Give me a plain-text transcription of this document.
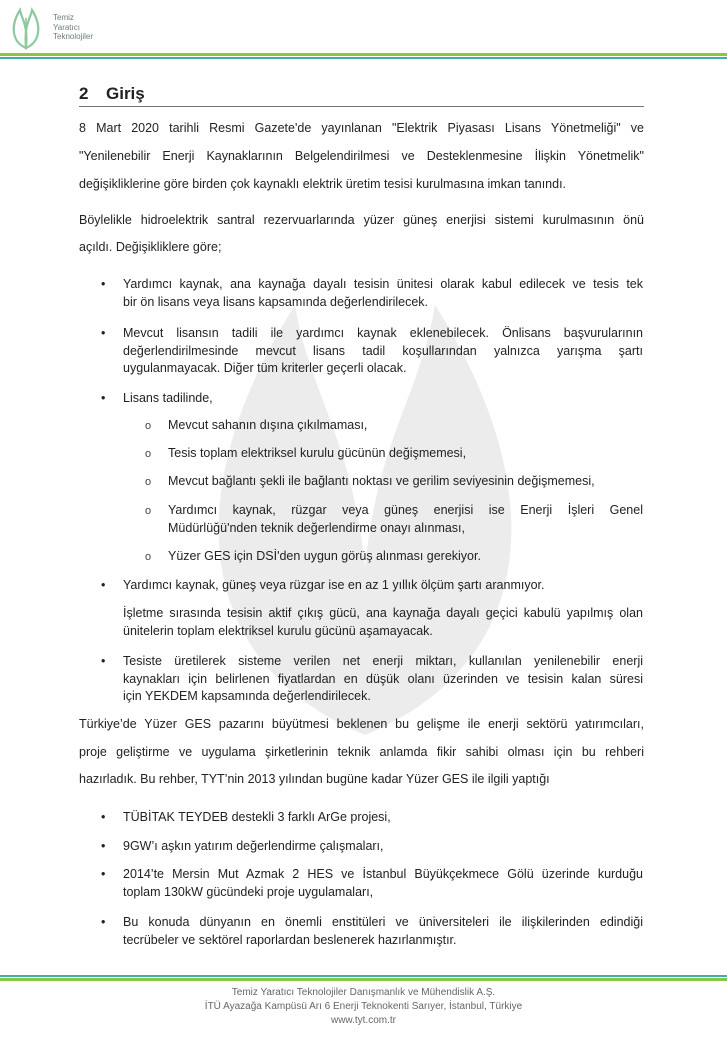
Temiz
Yaratıcı
Teknolojiler
2 Giriş
8 Mart 2020 tarihli Resmi Gazete'de yayınlanan "Elektrik Piyasası Lisans Yönetmeliği" ve
"Yenilenebilir Enerji Kaynaklarının Belgelendirilmesi ve Desteklenmesine İlişkin Yönetmelik"
değişikliklerine göre birden çok kaynaklı elektrik üretim tesisi kurulmasına imkan tanındı.
Böylelikle hidroelektrik santral rezervuarlarında yüzer güneş enerjisi sistemi kurulmasının önü
açıldı. Değişikliklere göre;
• Yardımcı kaynak, ana kaynağa dayalı tesisin ünitesi olarak kabul edilecek ve tesis tek
bir ön lisans veya lisans kapsamında değerlendirilecek.
• Mevcut lisansın tadili ile yardımcı kaynak eklenebilecek. Önlisans başvurularının
değerlendirilmesinde mevcut lisans tadil koşullarından yalnızca yarışma şartı
uygulanmayacak. Diğer tüm kriterler geçerli olacak.
• Lisans tadilinde,
o Mevcut sahanın dışına çıkılmaması,
o Tesis toplam elektriksel kurulu gücünün değişmemesi,
o Mevcut bağlantı şekli ile bağlantı noktası ve gerilim seviyesinin değişmemesi,
o Yardımcı kaynak, rüzgar veya güneş enerjisi ise Enerji İşleri Genel
Müdürlüğü'nden teknik değerlendirme onayı alınması,
o Yüzer GES için DSİ'den uygun görüş alınması gerekiyor.
• Yardımcı kaynak, güneş veya rüzgar ise en az 1 yıllık ölçüm şartı aranmıyor.
İşletme sırasında tesisin aktif çıkış gücü, ana kaynağa dayalı geçici kabulü yapılmış olan
ünitelerin toplam elektriksel kurulu gücünü aşamayacak.
• Tesiste üretilerek sisteme verilen net enerji miktarı, kullanılan yenilenebilir enerji
kaynakları için belirlenen fiyatlardan en düşük olanı üzerinden ve tesisin kalan süresi
için YEKDEM kapsamında değerlendirilecek.
Türkiye’de Yüzer GES pazarını büyütmesi beklenen bu gelişme ile enerji sektörü yatırımcıları,
proje geliştirme ve uygulama şirketlerinin teknik anlamda fikir sahibi olması için bu rehberi
hazırladık. Bu rehber, TYT’nin 2013 yılından bugüne kadar Yüzer GES ile ilgili yaptığı
• TÜBİTAK TEYDEB destekli 3 farklı ArGe projesi,
• 9GW’ı aşkın yatırım değerlendirme çalışmaları,
• 2014’te Mersin Mut Azmak 2 HES ve İstanbul Büyükçekmece Gölü üzerinde kurduğu
toplam 130kW gücündeki proje uygulamaları,
• Bu konuda dünyanın en önemli enstitüleri ve üniversiteleri ile ilişkilerinden edindiği
tecrübeler ve sektörel raporlardan beslenerek hazırlanmıştır.
Temiz Yaratıcı Teknolojiler Danışmanlık ve Mühendislik A.Ş.
İTÜ Ayazağa Kampüsü Arı 6 Enerji Teknokenti Sarıyer, İstanbul, Türkiye
www.tyt.com.tr
